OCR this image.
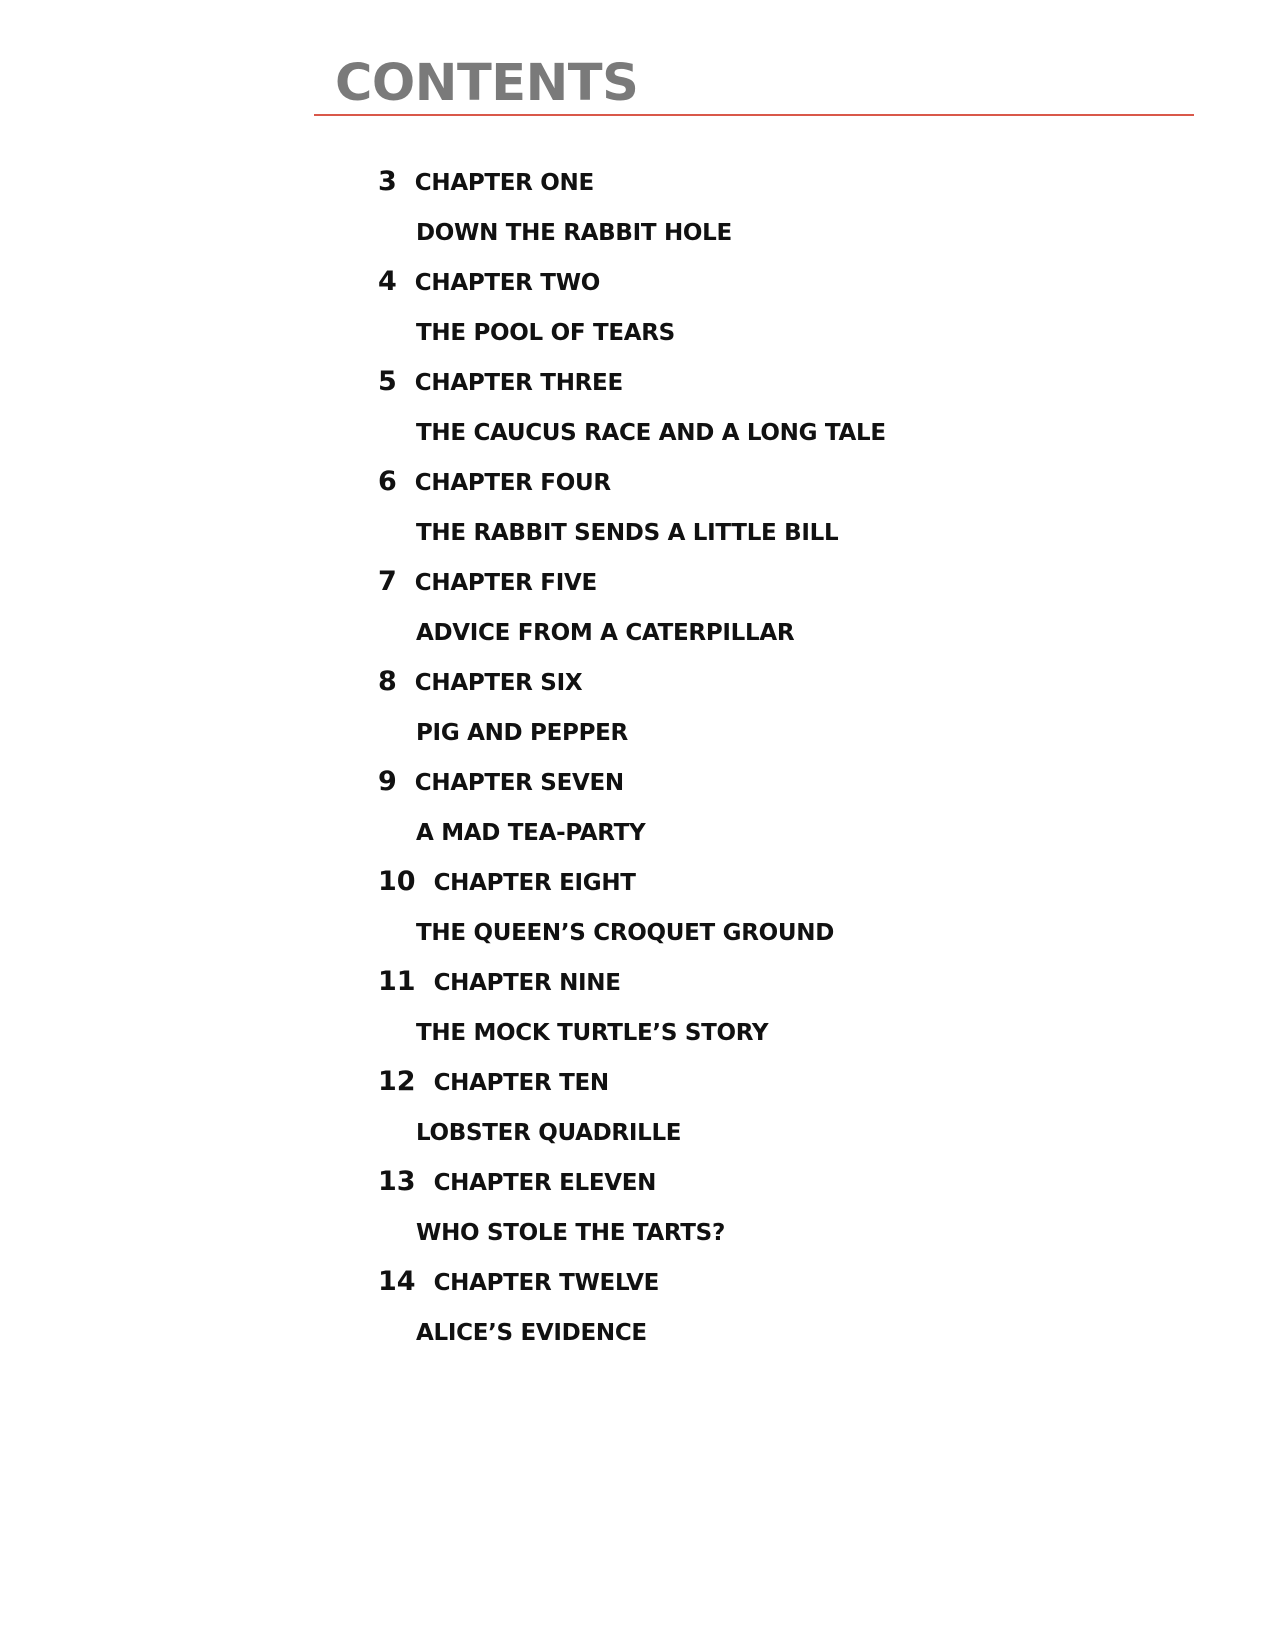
CONTENTS
3 CHAPTER ONE
DOWN THE RABBIT HOLE
4 CHAPTER TWO
THE POOL OF TEARS
5 CHAPTER THREE
THE CAUCUS RACE AND A LONG TALE
6 CHAPTER FOUR
THE RABBIT SENDS A LITTLE BILL
7 CHAPTER FIVE
ADVICE FROM A CATERPILLAR
8 CHAPTER SIX
PIG AND PEPPER
9 CHAPTER SEVEN
A MAD TEA-PARTY
10 CHAPTER EIGHT
THE QUEEN’S CROQUET GROUND
11 CHAPTER NINE
THE MOCK TURTLE’S STORY
12 CHAPTER TEN
LOBSTER QUADRILLE
13 CHAPTER ELEVEN
WHO STOLE THE TARTS?
14 CHAPTER TWELVE
ALICE’S EVIDENCE
